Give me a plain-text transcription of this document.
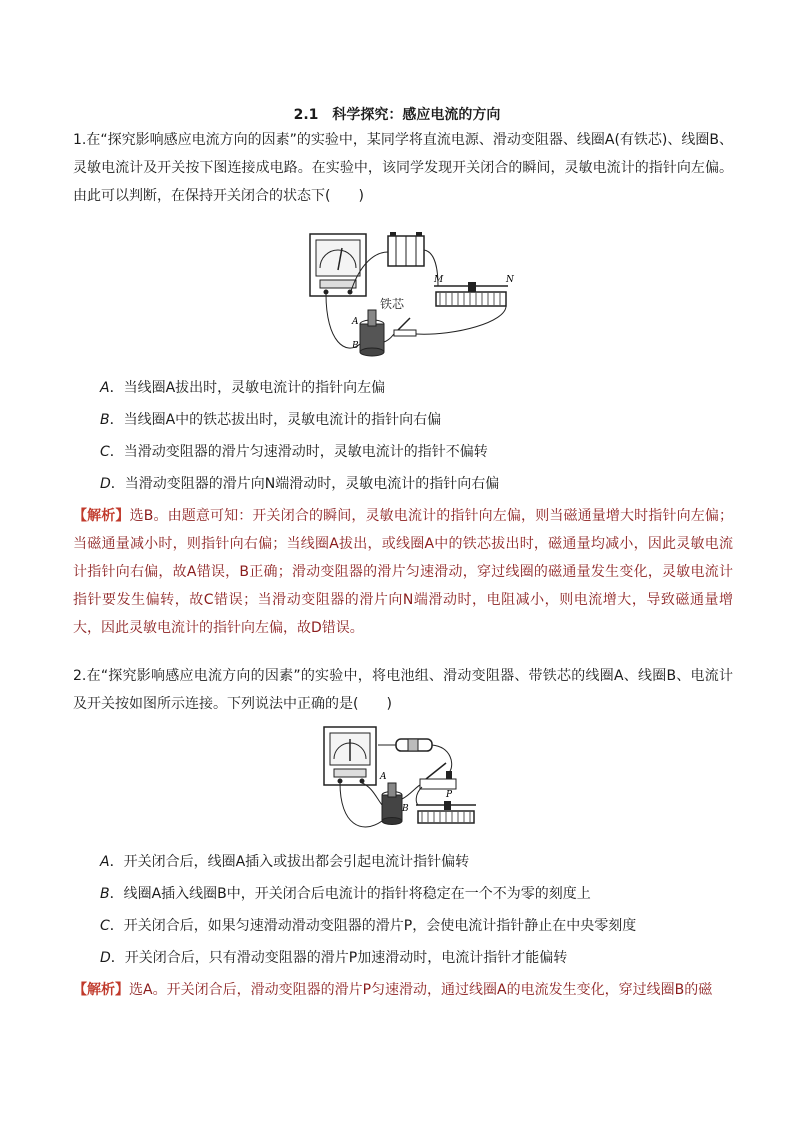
2.1　科学探究：感应电流的方向
1.在“探究影响感应电流方向的因素”的实验中，某同学将直流电源、滑动变阻器、线圈A(有铁芯)、线圈B、灵敏电流计及开关按下图连接成电路。在实验中，该同学发现开关闭合的瞬间，灵敏电流计的指针向左偏。由此可以判断，在保持开关闭合的状态下(　　)
M	N
铁芯
A
B
A．当线圈A拔出时，灵敏电流计的指针向左偏
B．当线圈A中的铁芯拔出时，灵敏电流计的指针向右偏
C．当滑动变阻器的滑片匀速滑动时，灵敏电流计的指针不偏转
D．当滑动变阻器的滑片向N端滑动时，灵敏电流计的指针向右偏
【解析】选B。由题意可知：开关闭合的瞬间，灵敏电流计的指针向左偏，则当磁通量增大时指针向左偏；当磁通量减小时，则指针向右偏；当线圈A拔出，或线圈A中的铁芯拔出时，磁通量均减小，因此灵敏电流计指针向右偏，故A错误，B正确；滑动变阻器的滑片匀速滑动，穿过线圈的磁通量发生变化，灵敏电流计指针要发生偏转，故C错误；当滑动变阻器的滑片向N端滑动时，电阻减小，则电流增大，导致磁通量增大，因此灵敏电流计的指针向左偏，故D错误。
2.在“探究影响感应电流方向的因素”的实验中，将电池组、滑动变阻器、带铁芯的线圈A、线圈B、电流计及开关按如图所示连接。下列说法中正确的是(　　)
A
B
P
A．开关闭合后，线圈A插入或拔出都会引起电流计指针偏转
B．线圈A插入线圈B中，开关闭合后电流计的指针将稳定在一个不为零的刻度上
C．开关闭合后，如果匀速滑动滑动变阻器的滑片P，会使电流计指针静止在中央零刻度
D．开关闭合后，只有滑动变阻器的滑片P加速滑动时，电流计指针才能偏转
【解析】选A。开关闭合后，滑动变阻器的滑片P匀速滑动，通过线圈A的电流发生变化，穿过线圈B的磁
